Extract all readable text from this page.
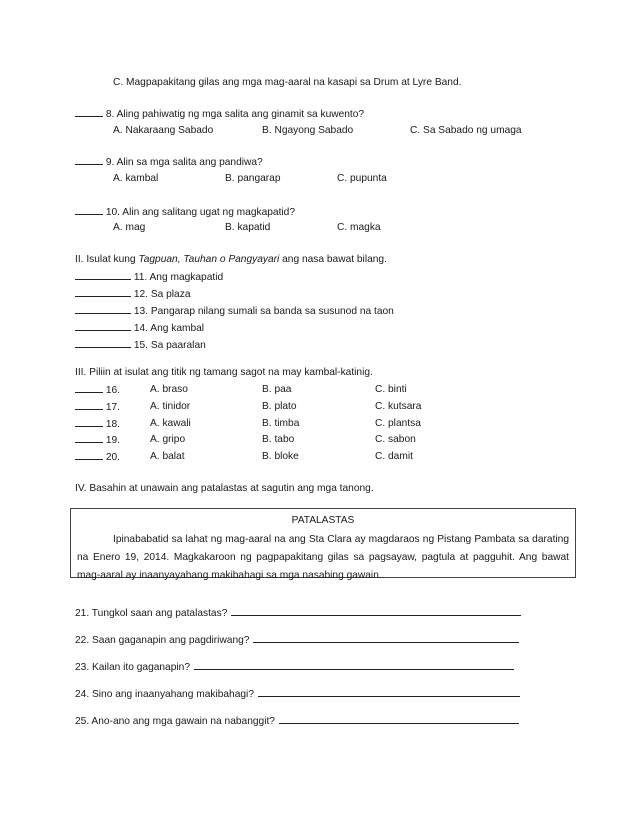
C. Magpapakitang gilas ang mga mag-aaral na kasapi sa Drum at Lyre Band.
8. Aling pahiwatig ng mga salita ang ginamit sa kuwento?
A. Nakaraang Sabado	B. Ngayong Sabado	C. Sa Sabado ng umaga
9. Alin sa mga salita ang pandiwa?
A. kambal	B. pangarap	C. pupunta
10. Alin ang salitang ugat ng magkapatid?
A. mag	B. kapatid	C. magka
II. Isulat kung Tagpuan, Tauhan o Pangyayari ang nasa bawat bilang.
11. Ang magkapatid
12. Sa plaza
13. Pangarap nilang sumali sa banda sa susunod na taon
14. Ang kambal
15. Sa paaralan
III. Piliin at isulat ang titik ng tamang sagot na may kambal-katinig.
16.	A. braso	B. paa	C. binti
17.	A. tinidor	B. plato	C. kutsara
18.	A. kawali	B. timba	C. plantsa
19.	A. gripo	B. tabo	C. sabon
20.	A. balat	B. bloke	C. damit
IV. Basahin at unawain ang patalastas at sagutin ang mga tanong.
PATALASTAS
Ipinababatid sa lahat ng mag-aaral na ang Sta Clara ay magdaraos ng Pistang Pambata sa darating na Enero 19, 2014. Magkakaroon ng pagpapakitang gilas sa pagsayaw, pagtula at pagguhit. Ang bawat mag-aaral ay inaanyayahang makibahagi sa mga nasabing gawain.
21. Tungkol saan ang patalastas?
22. Saan gaganapin ang pagdiriwang?
23. Kailan ito gaganapin?
24. Sino ang inaanyahang makibahagi?
25. Ano-ano ang mga gawain na nabanggit?
